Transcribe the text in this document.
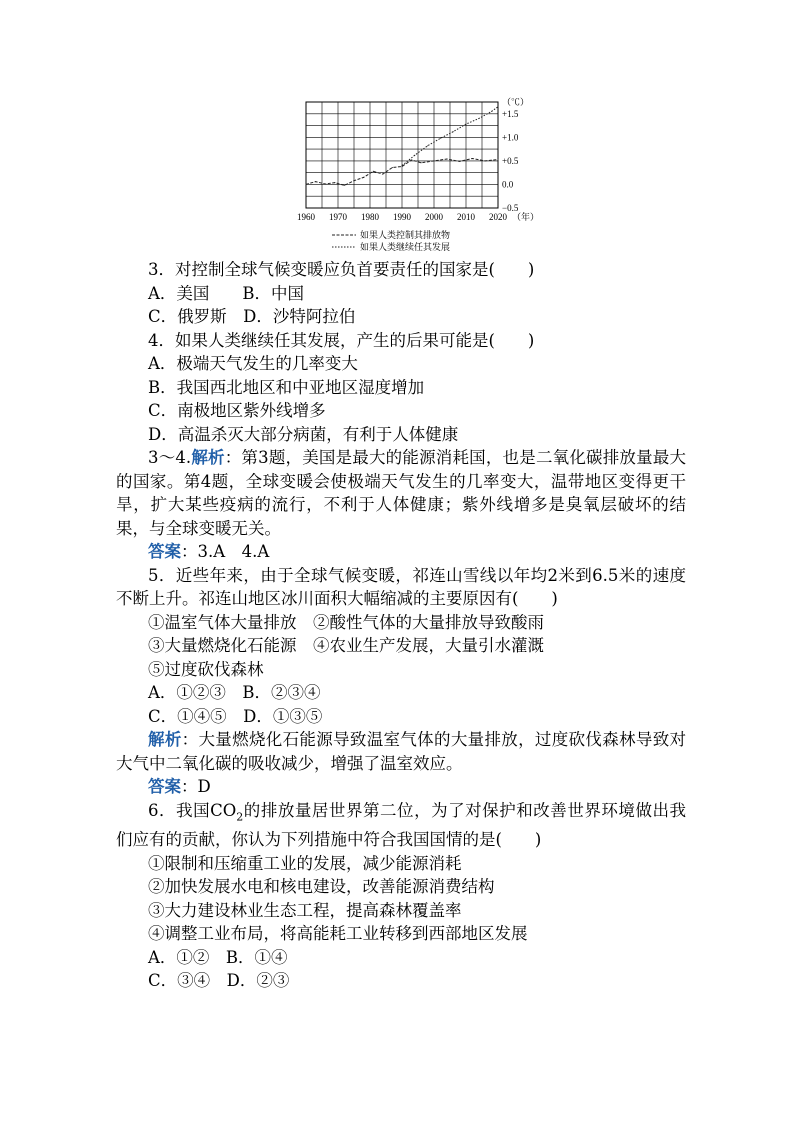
1960 1970 1980 1990 2000 2010 2020 （年）
+1.5
+1.0
+0.5
0.0
−0.5
（℃）
如果人类控制其排放物
如果人类继续任其发展
3．对控制全球气候变暖应负首要责任的国家是(　　)
A．美国　　B．中国
C．俄罗斯　D．沙特阿拉伯
4．如果人类继续任其发展，产生的后果可能是(　　)
A．极端天气发生的几率变大
B．我国西北地区和中亚地区湿度增加
C．南极地区紫外线增多
D．高温杀灭大部分病菌，有利于人体健康
3～4.解析：第3题，美国是最大的能源消耗国，也是二氧化碳排放量最大的国家。第4题，全球变暖会使极端天气发生的几率变大，温带地区变得更干旱，扩大某些疫病的流行，不利于人体健康；紫外线增多是臭氧层破坏的结果，与全球变暖无关。
答案：3.A　4.A
5．近些年来，由于全球气候变暖，祁连山雪线以年均2米到6.5米的速度不断上升。祁连山地区冰川面积大幅缩减的主要原因有(　　)
①温室气体大量排放　②酸性气体的大量排放导致酸雨
③大量燃烧化石能源　④农业生产发展，大量引水灌溉
⑤过度砍伐森林
A．①②③　B．②③④
C．①④⑤　D．①③⑤
解析：大量燃烧化石能源导致温室气体的大量排放，过度砍伐森林导致对大气中二氧化碳的吸收减少，增强了温室效应。
答案：D
6．我国$CO_2$的排放量居世界第二位，为了对保护和改善世界环境做出我们应有的贡献，你认为下列措施中符合我国国情的是(　　)
①限制和压缩重工业的发展，减少能源消耗
②加快发展水电和核电建设，改善能源消费结构
③大力建设林业生态工程，提高森林覆盖率
④调整工业布局，将高能耗工业转移到西部地区发展
A．①②　B．①④
C．③④　D．②③
